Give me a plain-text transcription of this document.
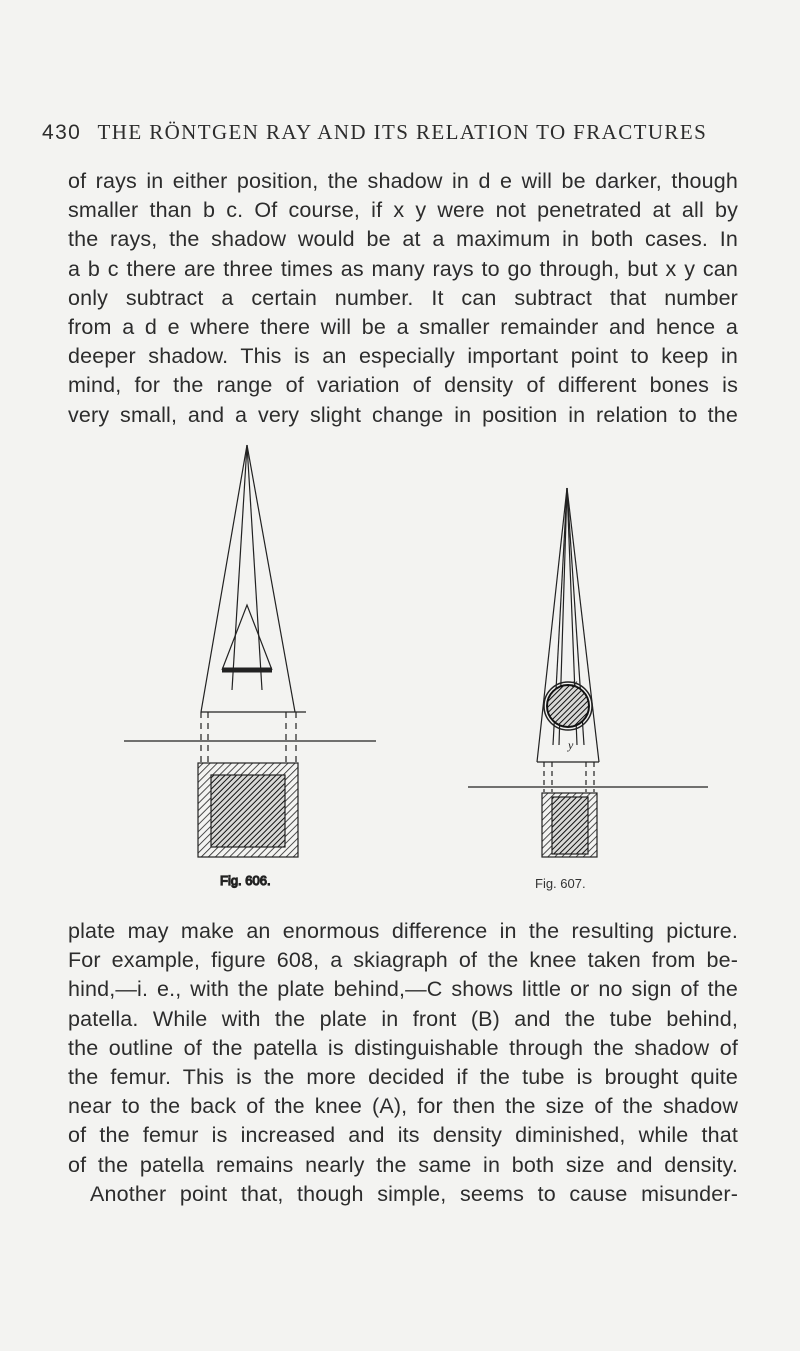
430 THE RÖNTGEN RAY AND ITS RELATION TO FRACTURES

of rays in either position, the shadow in d e will be darker, though
smaller than b c. Of course, if x y were not penetrated at all by
the rays, the shadow would be at a maximum in both cases. In
a b c there are three times as many rays to go through, but x y can
only subtract a certain number. It can subtract that number
from a d e where there will be a smaller remainder and hence a
deeper shadow. This is an especially important point to keep in
mind, for the range of variation of density of different bones is
very small, and a very slight change in position in relation to the

Fig. 606.
x
y
Fig. 607.

plate may make an enormous difference in the resulting picture.
For example, figure 608, a skiagraph of the knee taken from be-
hind,—i. e., with the plate behind,—C shows little or no sign of the
patella. While with the plate in front (B) and the tube behind,
the outline of the patella is distinguishable through the shadow of
the femur. This is the more decided if the tube is brought quite
near to the back of the knee (A), for then the size of the shadow
of the femur is increased and its density diminished, while that
of the patella remains nearly the same in both size and density.
Another point that, though simple, seems to cause misunder-
